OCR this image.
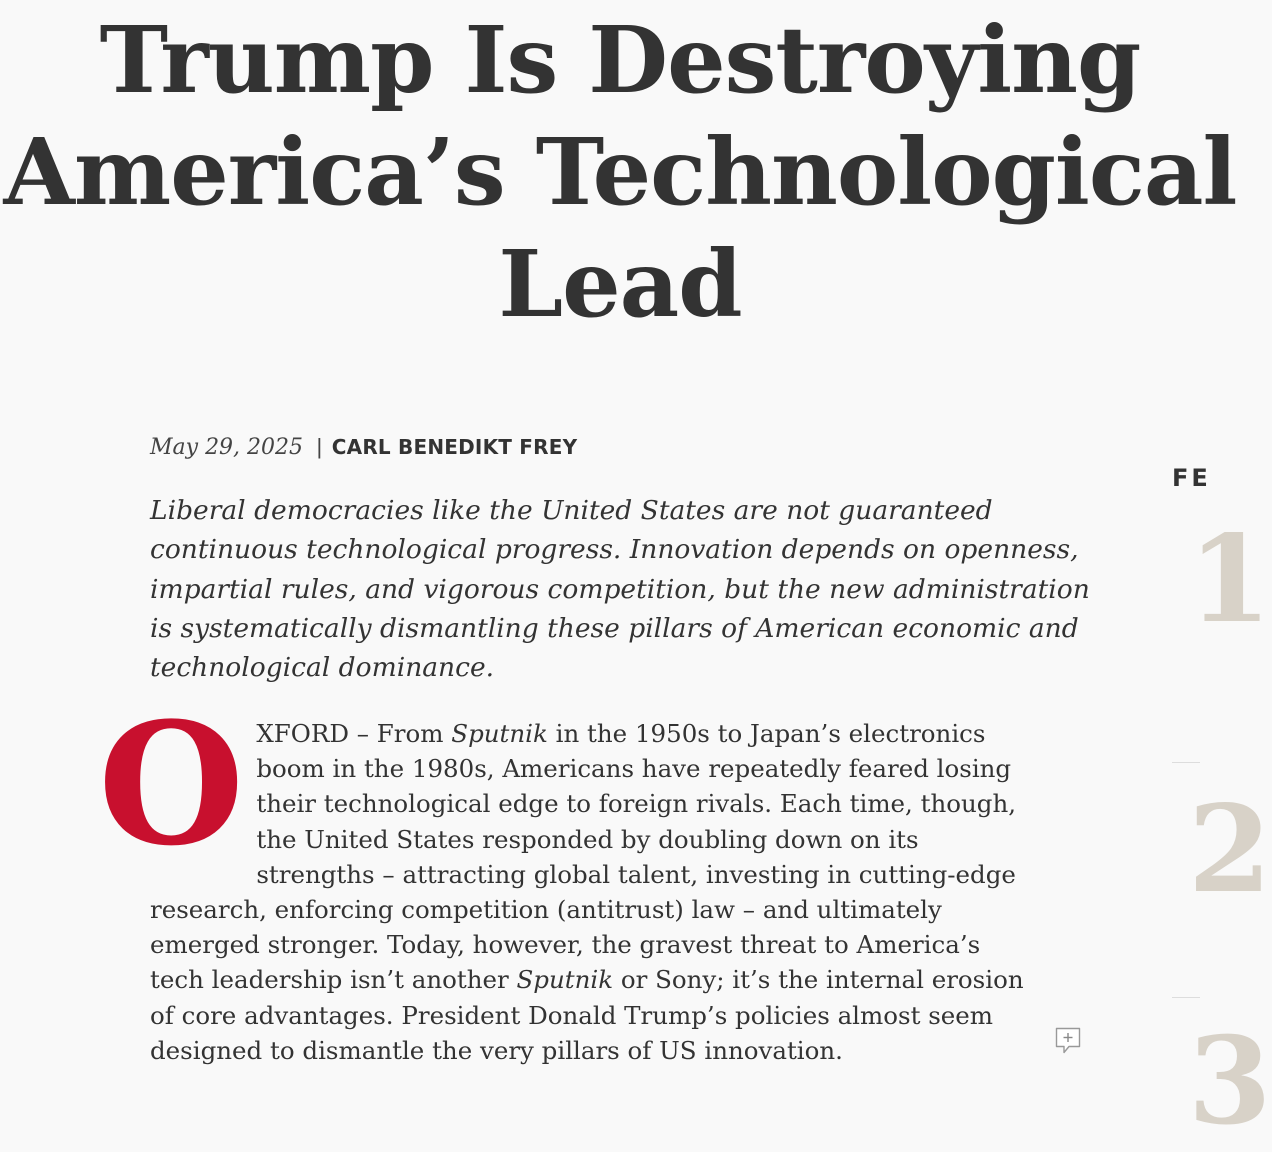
Trump Is Destroying
America’s Technological
Lead
May 29, 2025 | CARL BENEDIKT FREY

Liberal democracies like the United States are not guaranteed continuous technological progress. Innovation depends on openness, impartial rules, and vigorous competition, but the new administration is systematically dismantling these pillars of American economic and technological dominance.

O XFORD – From Sputnik in the 1950s to Japan’s electronics boom in the 1980s, Americans have repeatedly feared losing their technological edge to foreign rivals. Each time, though, the United States responded by doubling down on its strengths – attracting global talent, investing in cutting-edge research, enforcing competition (antitrust) law – and ultimately emerged stronger. Today, however, the gravest threat to America’s tech leadership isn’t another Sputnik or Sony; it’s the internal erosion of core advantages. President Donald Trump’s policies almost seem designed to dismantle the very pillars of US innovation.

FE
1
2
3
